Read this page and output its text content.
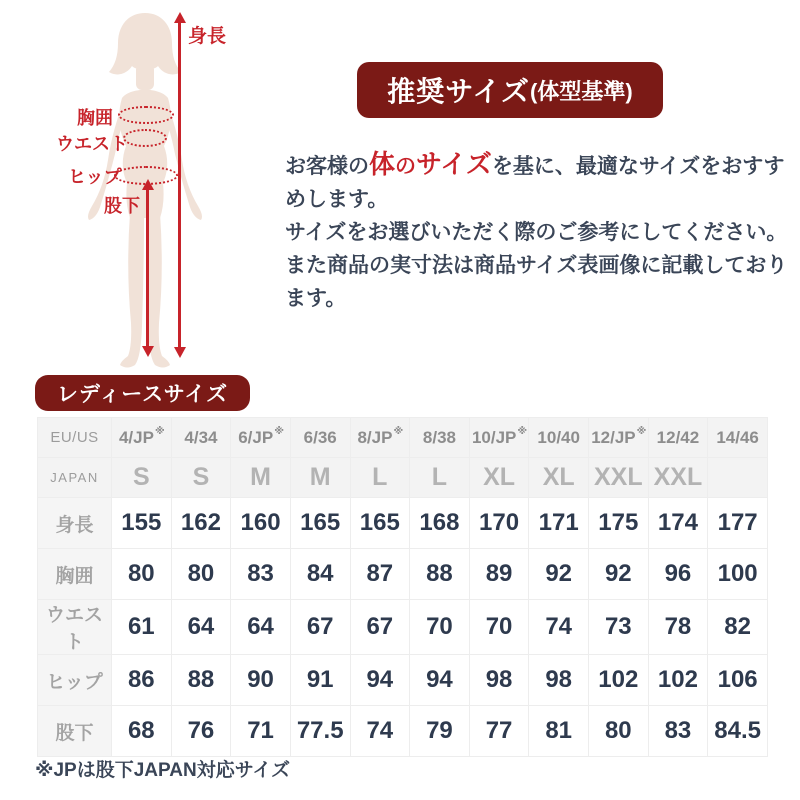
身長
胸囲
ウエスト
ヒップ
股下
推奨サイズ (体型基準)

お客様の体のサイズを基に、最適なサイズをおすすめします。

サイズをお選びいただく際のご参考にしてください。

また商品の実寸法は商品サイズ表画像に記載しております。

レディースサイズ
EU/US	4/JP※	4/34	6/JP※	6/36	8/JP※	8/38	10/JP※	10/40	12/JP※	12/42	14/46
JAPAN	S	S	M	M	L	L	XL	XL	XXL	XXL	
身長	155	162	160	165	165	168	170	171	175	174	177
胸囲	80	80	83	84	87	88	89	92	92	96	100
ウエスト	61	64	64	67	67	70	70	74	73	78	82
ヒップ	86	88	90	91	94	94	98	98	102	102	106
股下	68	76	71	77.5	74	79	77	81	80	83	84.5
※JPは股下JAPAN対応サイズ
